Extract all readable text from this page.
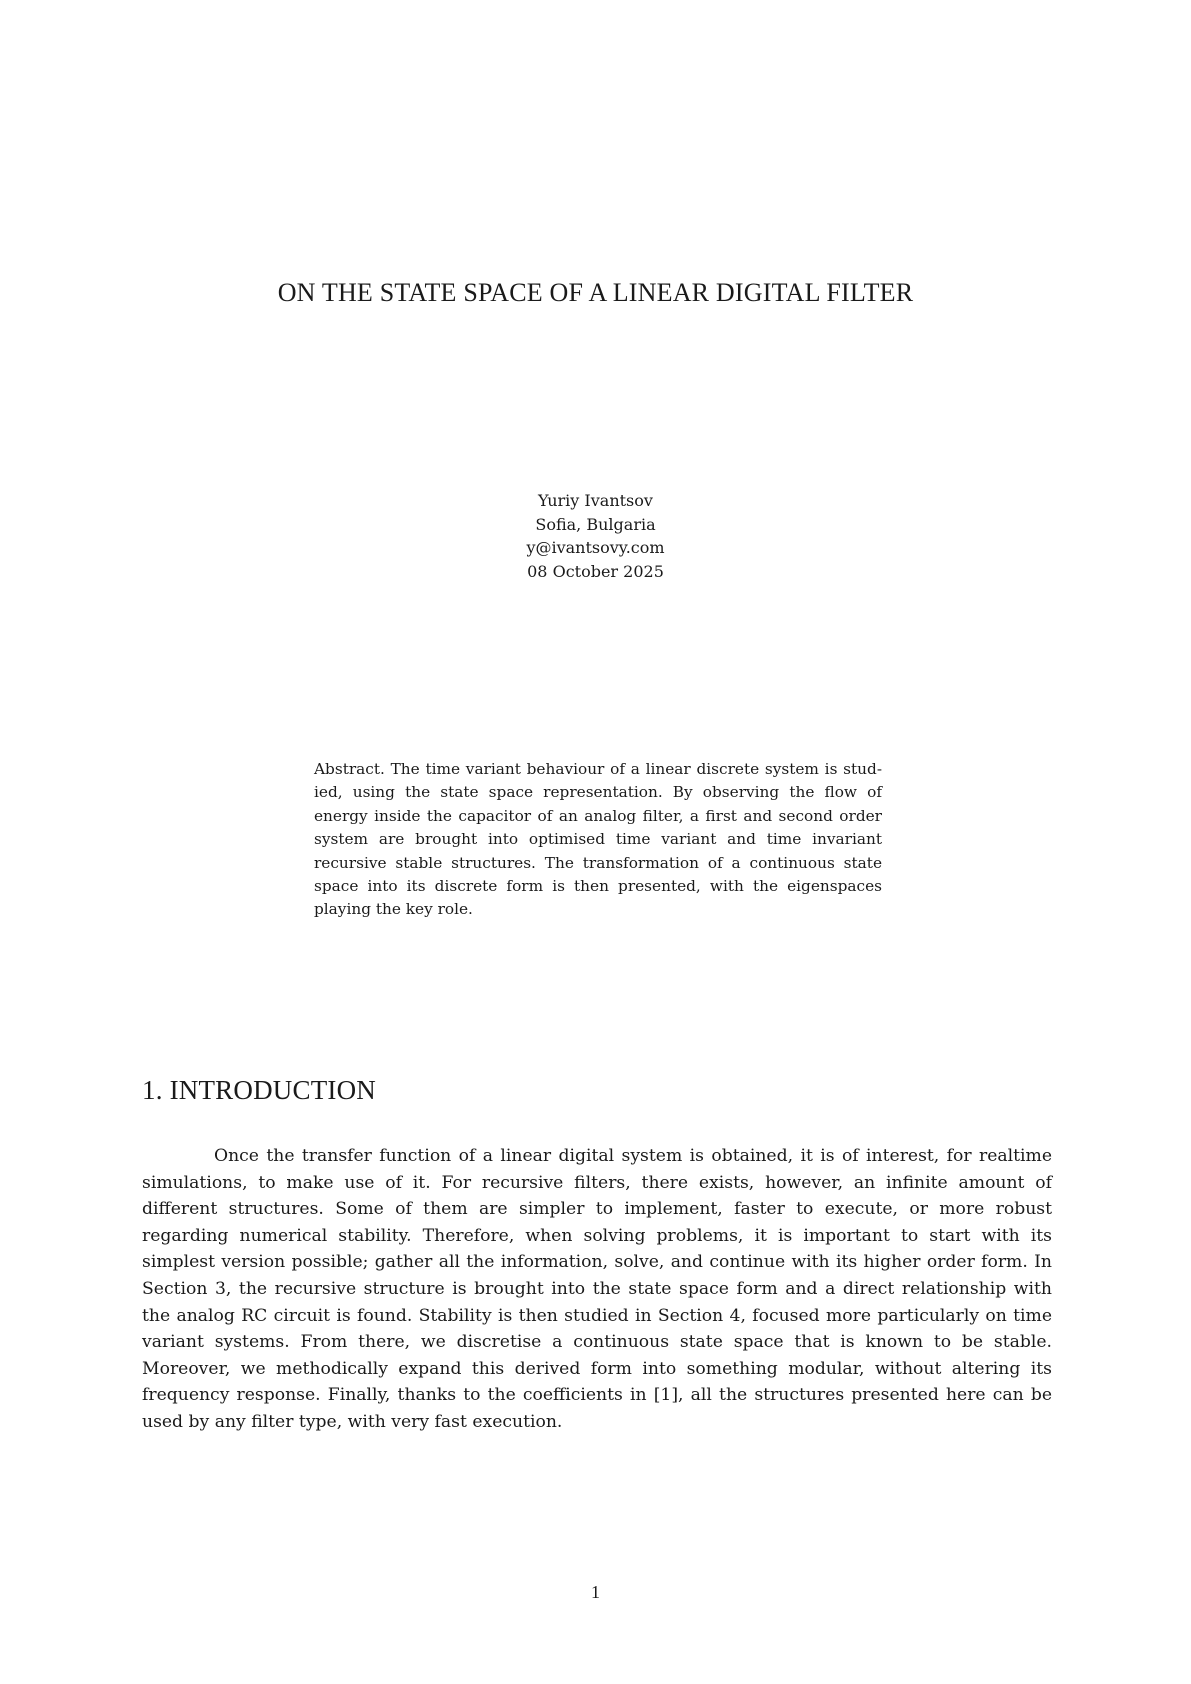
ON THE STATE SPACE OF A LINEAR DIGITAL FILTER
Yuriy Ivantsov
Sofia, Bulgaria
y@ivantsovy.com
08 October 2025
Abstract. The time variant behaviour of a linear discrete system is studied, using the state space representation. By observing the flow of energy inside the capacitor of an analog filter, a first and second order system are brought into optimised time variant and time invariant recursive stable structures. The transformation of a continuous state space into its discrete form is then presented, with the eigenspaces playing the key role.
1. INTRODUCTION

Once the transfer function of a linear digital system is obtained, it is of interest, for realtime simulations, to make use of it. For recursive filters, there exists, however, an infinite amount of different structures. Some of them are simpler to implement, faster to execute, or more robust regarding numerical stability. Therefore, when solving problems, it is important to start with its simplest version possible; gather all the information, solve, and continue with its higher order form. In Section 3, the recursive structure is brought into the state space form and a direct relationship with the analog RC circuit is found. Stability is then studied in Section 4, focused more particularly on time variant systems. From there, we discretise a continuous state space that is known to be stable. Moreover, we methodically expand this derived form into something modular, without altering its frequency response. Finally, thanks to the coefficients in [1], all the structures presented here can be used by any filter type, with very fast execution.

1
